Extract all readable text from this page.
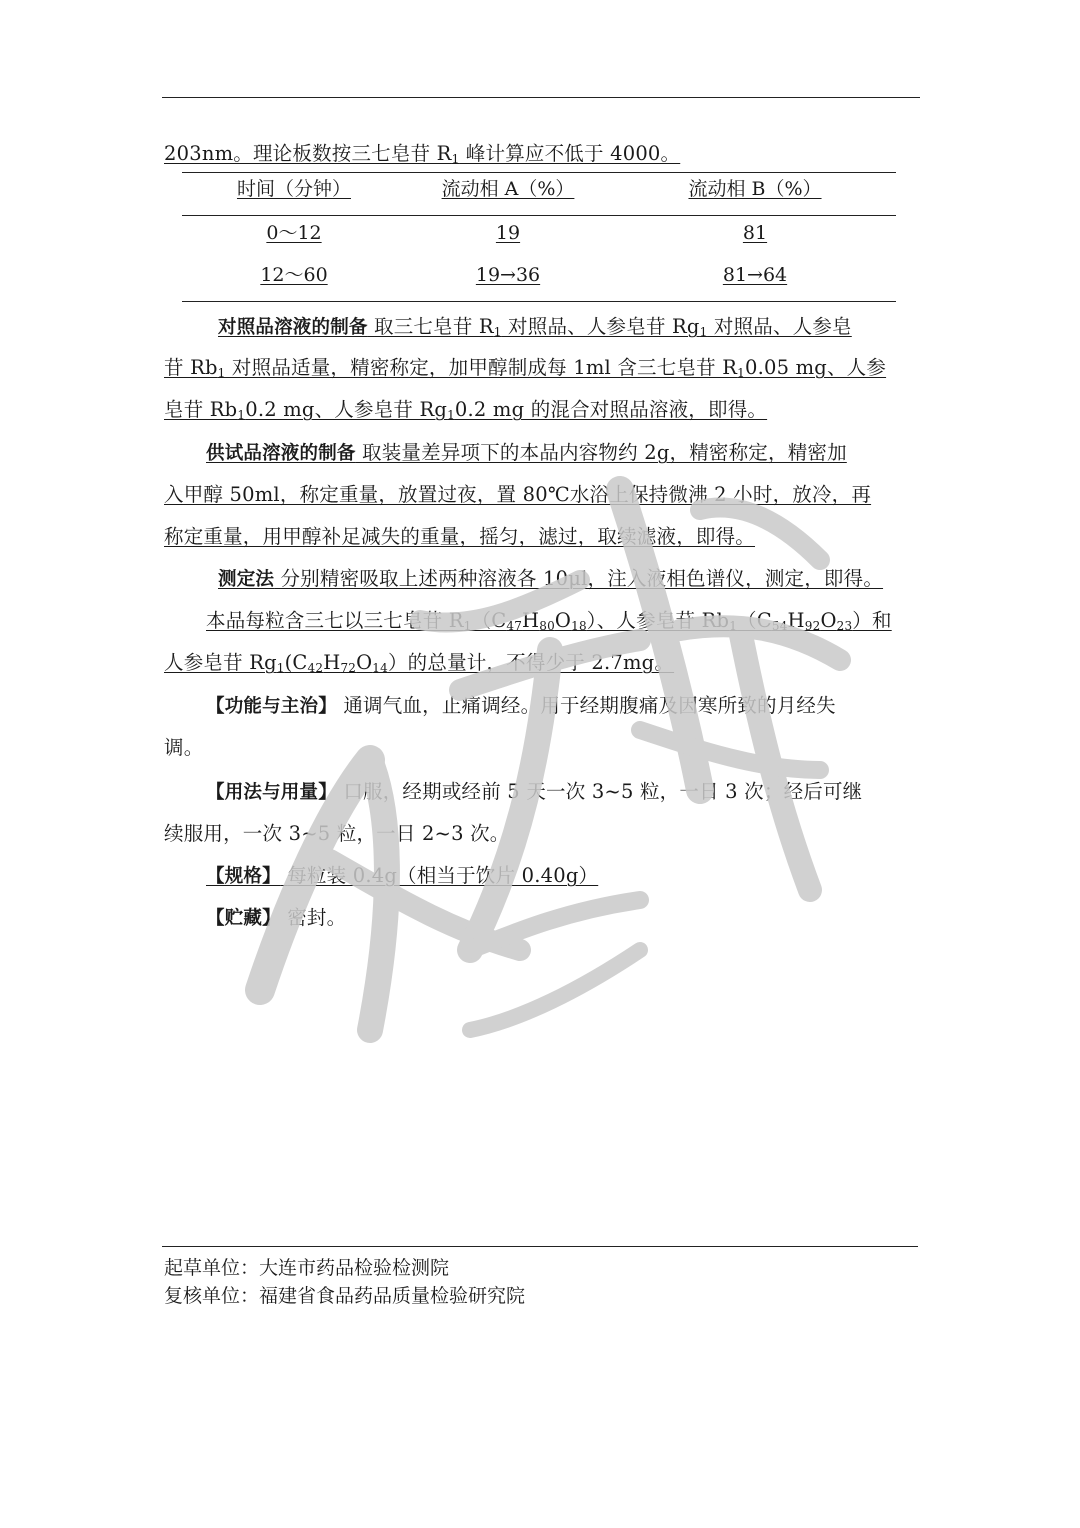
203nm。理论板数按三七皂苷 $R_1$ 峰计算应不低于 4000。
时间（分钟）	流动相 A（%）	流动相 B（%）
0～12	19	81
12～60	19→36	81→64
对照品溶液的制备 取三七皂苷 $R_1$ 对照品、人参皂苷 $Rg_1$ 对照品、人参皂
苷 $Rb_1$ 对照品适量，精密称定，加甲醇制成每 1ml 含三七皂苷 $R_10.05$ mg、人参
皂苷 $Rb_10.2$ mg、人参皂苷 $Rg_10.2$ mg 的混合对照品溶液，即得。
供试品溶液的制备 取装量差异项下的本品内容物约 2g，精密称定，精密加
入甲醇 50ml，称定重量，放置过夜，置 80℃水浴上保持微沸 2 小时，放冷，再
称定重量，用甲醇补足减失的重量，摇匀，滤过，取续滤液，即得。
测定法 分别精密吸取上述两种溶液各 10μl，注入液相色谱仪，测定，即得。
本品每粒含三七以三七皂苷 $R_1(C_{47}H_{80}O_{18})$、人参皂苷 $Rb_1(C_{54}H_{92}O_{23})$和
人参皂苷 $Rg_1(C_{42}H_{72}O_{14})$的总量计，不得少于 2.7mg。
【功能与主治】 通调气血，止痛调经。用于经期腹痛及因寒所致的月经失
调。
【用法与用量】 口服，经期或经前 5 天一次 3~5 粒，一日 3 次；经后可继
续服用，一次 3~5 粒，一日 2~3 次。
【规格】 每粒装 0.4g（相当于饮片 0.40g）
【贮藏】 密封。
起草单位：大连市药品检验检测院
复核单位：福建省食品药品质量检验研究院
